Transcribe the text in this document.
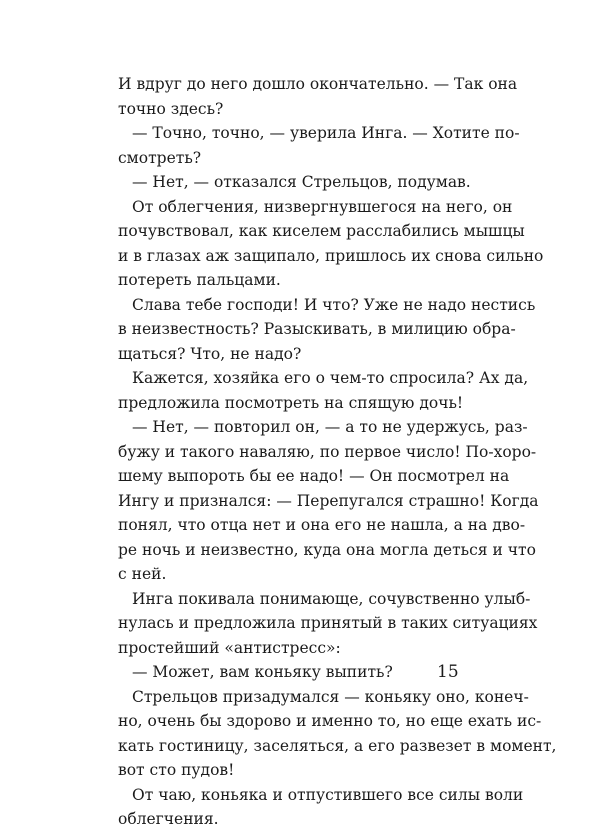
И вдруг до него дошло окончательно. — Так она
точно здесь?
— Точно, точно, — уверила Инга. — Хотите по-
смотреть?
— Нет, — отказался Стрельцов, подумав.
От облегчения, низвергнувшегося на него, он
почувствовал, как киселем расслабились мышцы
и в глазах аж защипало, пришлось их снова сильно
потереть пальцами.
Слава тебе господи! И что? Уже не надо нестись
в неизвестность? Разыскивать, в милицию обра-
щаться? Что, не надо?
Кажется, хозяйка его о чем-то спросила? Ах да,
предложила посмотреть на спящую дочь!
— Нет, — повторил он, — а то не удержусь, раз-
бужу и такого наваляю, по первое число! По-хоро-
шему выпороть бы ее надо! — Он посмотрел на
Ингу и признался: — Перепугался страшно! Когда
понял, что отца нет и она его не нашла, а на дво-
ре ночь и неизвестно, куда она могла деться и что
с ней.
Инга покивала понимающе, сочувственно улыб-
нулась и предложила принятый в таких ситуациях
простейший «антистресс»:
— Может, вам коньяку выпить?
Стрельцов призадумался — коньяку оно, конеч-
но, очень бы здорово и именно то, но еще ехать ис-
кать гостиницу, заселяться, а его развезет в момент,
вот сто пудов!
От чаю, коньяка и отпустившего все силы воли
облегчения.
15
